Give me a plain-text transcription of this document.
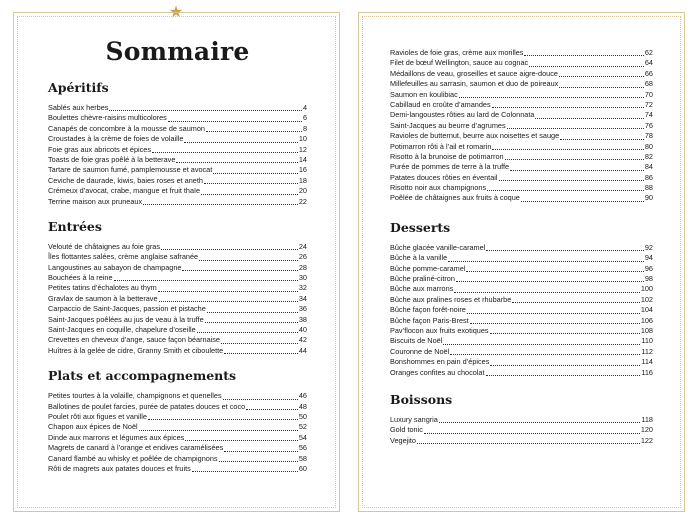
★
Sommaire
Apéritifs
Sablés aux herbes	4
Boulettes chèvre-raisins multicolores	6
Canapés de concombre à la mousse de saumon	8
Croustades à la crème de foies de volaille	10
Foie gras aux abricots et épices	12
Toasts de foie gras poêlé à la betterave	14
Tartare de saumon fumé, pamplemousse et avocat	16
Ceviche de daurade, kiwis, baies roses et aneth	18
Crémeux d’avocat, crabe, mangue et fruit thaïe	20
Terrine maison aux pruneaux	22
Entrées
Velouté de châtaignes au foie gras	24
Îles flottantes salées, crème anglaise safranée	26
Langoustines au sabayon de champagne	28
Bouchées à la reine	30
Petites tatins d’échalotes au thym	32
Gravlax de saumon à la betterave	34
Carpaccio de Saint-Jacques, passion et pistache	36
Saint-Jacques poêlées au jus de veau à la truffe	38
Saint-Jacques en coquille, chapelure d’oseille	40
Crevettes en cheveux d’ange, sauce façon béarnaise	42
Huîtres à la gelée de cidre, Granny Smith et ciboulette	44
Plats et accompagnements
Petites tourtes à la volaille, champignons et quenelles	46
Ballotines de poulet farcies, purée de patates douces et coco	48
Poulet rôti aux figues et vanille	50
Chapon aux épices de Noël	52
Dinde aux marrons et légumes aux épices	54
Magrets de canard à l’orange et endives caramélisées	56
Canard flambé au whisky et poêlée de champignons	58
Rôti de magrets aux patates douces et fruits	60
Ravioles de foie gras, crème aux morilles	62
Filet de bœuf Wellington, sauce au cognac	64
Médaillons de veau, groseilles et sauce aigre-douce	66
Millefeuilles au sarrasin, saumon et duo de poireaux	68
Saumon en koulibiac	70
Cabillaud en croûte d’amandes	72
Demi-langoustes rôties au lard de Colonnata	74
Saint-Jacques au beurre d’agrumes	76
Ravioles de butternut, beurre aux noisettes et sauge	78
Potimarron rôti à l’ail et romarin	80
Risotto à la brunoise de potimarron	82
Purée de pommes de terre à la truffe	84
Patates douces rôties en éventail	86
Risotto noir aux champignons	88
Poêlée de châtaignes aux fruits à coque	90
Desserts
Bûche glacée vanille-caramel	92
Bûche à la vanille	94
Bûche pomme-caramel	96
Bûche praliné-citron	98
Bûche aux marrons	100
Bûche aux pralines roses et rhubarbe	102
Bûche façon forêt-noire	104
Bûche façon Paris-Brest	106
Pav’flocon aux fruits exotiques	108
Biscuits de Noël	110
Couronne de Noël	112
Bonshommes en pain d’épices	114
Oranges confites au chocolat	116
Boissons
Luxury sangria	118
Gold tonic	120
Vegejito	122
